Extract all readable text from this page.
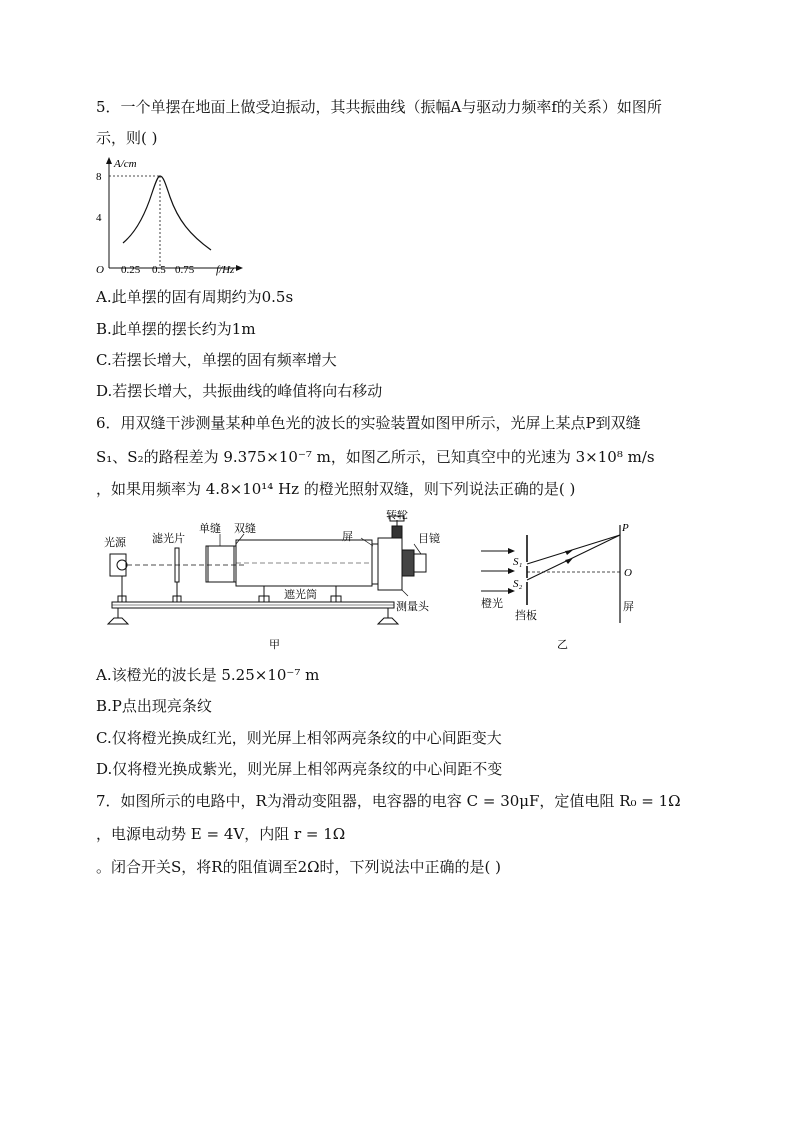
5．一个单摆在地面上做受迫振动，其共振曲线（振幅A与驱动力频率f的关系）如图所
示，则( )
A/cm
8
4
O 0.25 0.5 0.75 f/Hz
A.此单摆的固有周期约为0.5s
B.此单摆的摆长约为1m
C.若摆长增大，单摆的固有频率增大
D.若摆长增大，共振曲线的峰值将向右移动
6．用双缝干涉测量某种单色光的波长的实验装置如图甲所示，光屏上某点P到双缝
S₁、S₂的路程差为 9.375×10⁻⁷ m，如图乙所示，已知真空中的光速为 3×10⁸ m/s
，如果用频率为 4.8×10¹⁴ Hz 的橙光照射双缝，则下列说法正确的是( )
光源 滤光片
单缝 双缝
屏
转轮
目镜
遮光筒
测量头
甲
S₁
S₂
P
O
橙光
挡板
屏
乙
A.该橙光的波长是 5.25×10⁻⁷ m
B.P点出现亮条纹
C.仅将橙光换成红光，则光屏上相邻两亮条纹的中心间距变大
D.仅将橙光换成紫光，则光屏上相邻两亮条纹的中心间距不变
7．如图所示的电路中，R为滑动变阻器，电容器的电容 C = 30μF，定值电阻 R₀ = 1Ω
，电源电动势 E = 4V，内阻 r = 1Ω
。闭合开关S，将R的阻值调至2Ω时，下列说法中正确的是( )
